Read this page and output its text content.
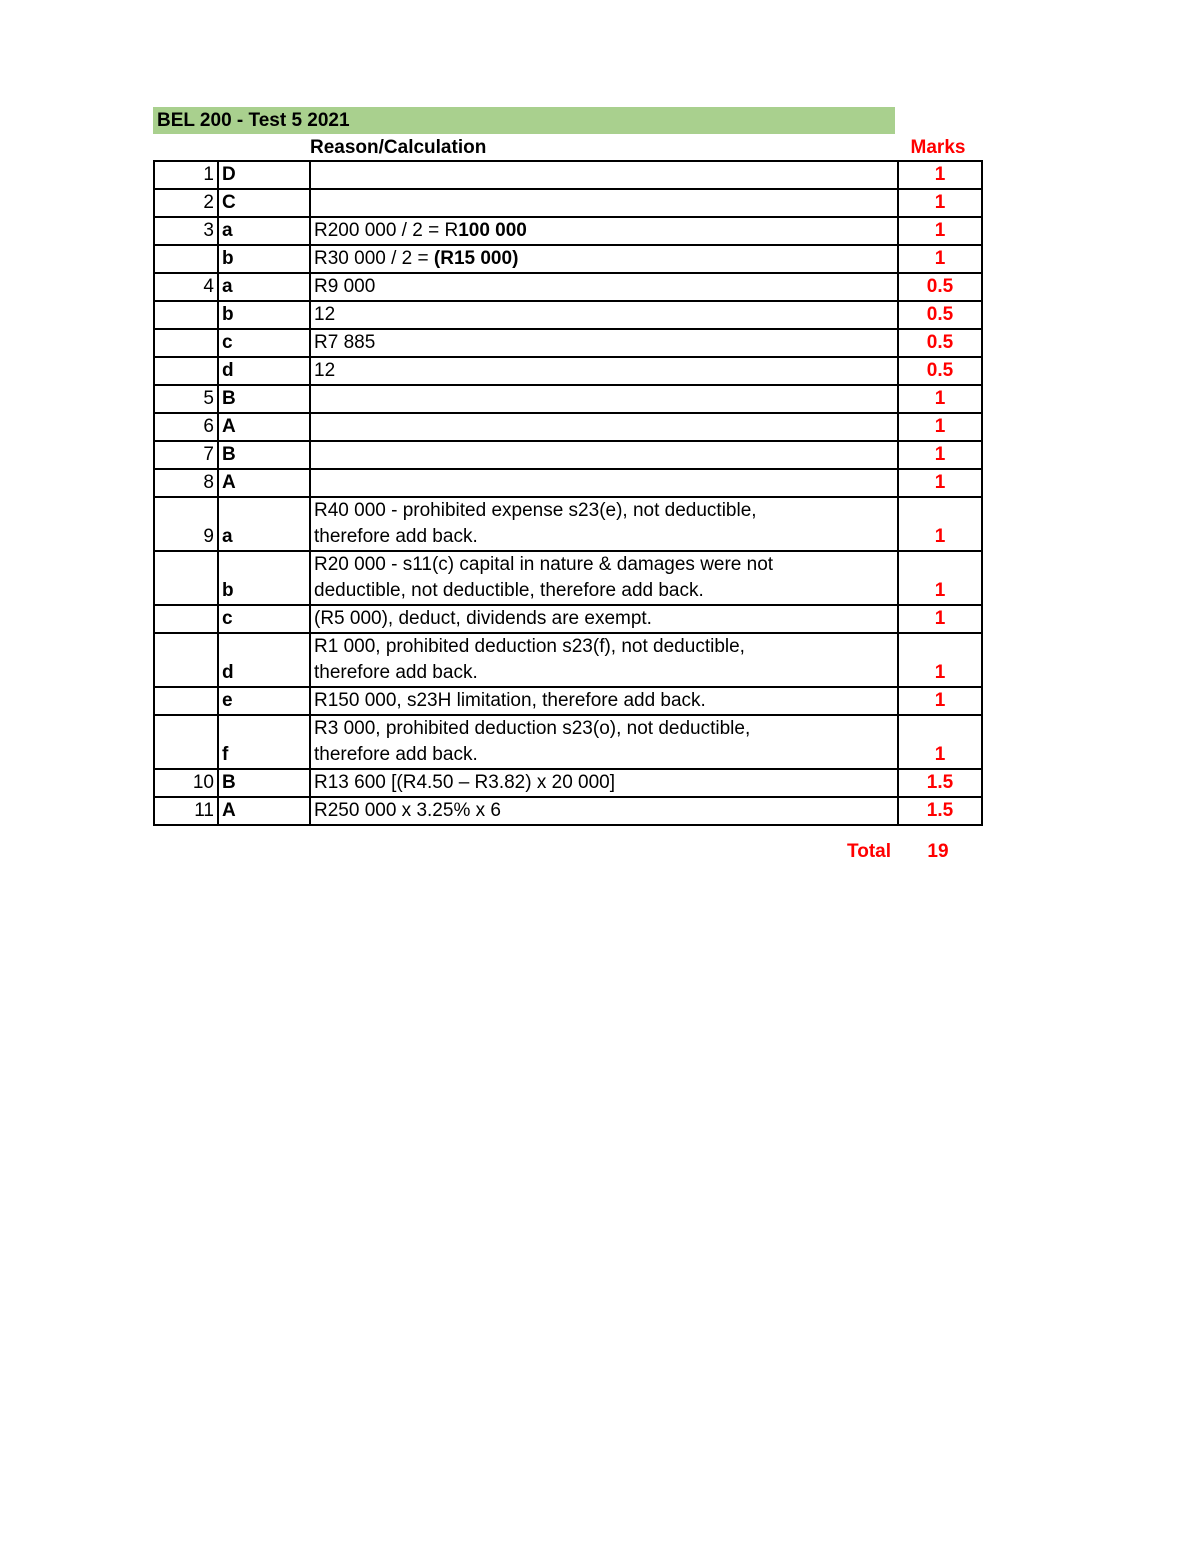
BEL 200 - Test 5 2021
Reason/Calculation	Marks
1	D		1
2	C		1
3	a	R200 000 / 2 = R100 000	1
	b	R30 000 / 2 = (R15 000)	1
4	a	R9 000	0.5
	b	12	0.5
	c	R7 885	0.5
	d	12	0.5
5	B		1
6	A		1
7	B		1
8	A		1
9	a	R40 000 - prohibited expense s23(e), not deductible,
therefore add back.	1
	b	R20 000 - s11(c) capital in nature & damages were not
deductible, not deductible, therefore add back.	1
	c	(R5 000), deduct, dividends are exempt.	1
	d	R1 000, prohibited deduction s23(f), not deductible,
therefore add back.	1
	e	R150 000, s23H limitation, therefore add back.	1
	f	R3 000, prohibited deduction s23(o), not deductible,
therefore add back.	1
10	B	R13 600 [(R4.50 – R3.82) x 20 000]	1.5
11	A	R250 000 x 3.25% x 6	1.5
Total	19
